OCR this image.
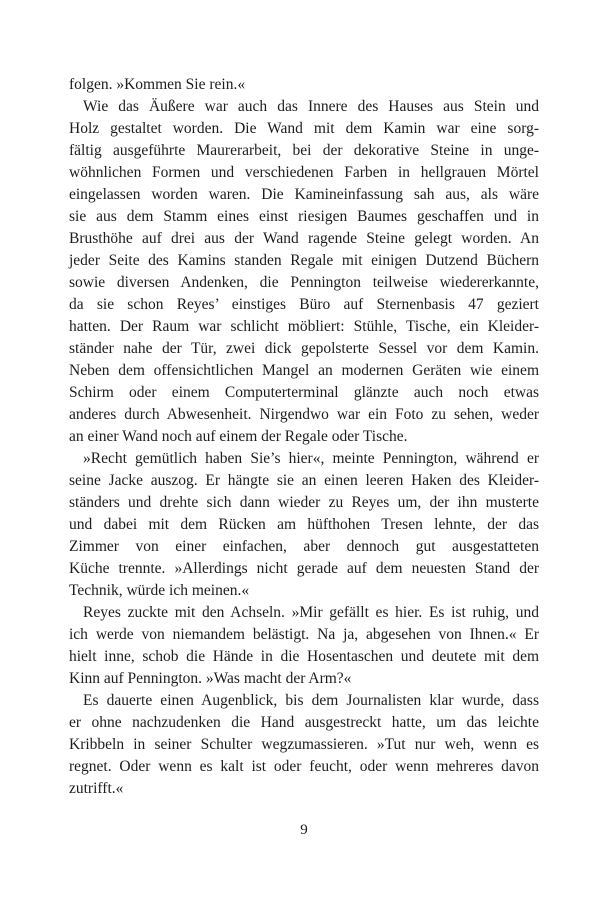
folgen. »Kommen Sie rein.«
Wie das Äußere war auch das Innere des Hauses aus Stein und
Holz gestaltet worden. Die Wand mit dem Kamin war eine sorg-
fältig ausgeführte Maurerarbeit, bei der dekorative Steine in unge-
wöhnlichen Formen und verschiedenen Farben in hellgrauen Mörtel
eingelassen worden waren. Die Kamineinfassung sah aus, als wäre
sie aus dem Stamm eines einst riesigen Baumes geschaffen und in
Brusthöhe auf drei aus der Wand ragende Steine gelegt worden. An
jeder Seite des Kamins standen Regale mit einigen Dutzend Büchern
sowie diversen Andenken, die Pennington teilweise wiedererkannte,
da sie schon Reyes’ einstiges Büro auf Sternenbasis 47 geziert
hatten. Der Raum war schlicht möbliert: Stühle, Tische, ein Kleider-
ständer nahe der Tür, zwei dick gepolsterte Sessel vor dem Kamin.
Neben dem offensichtlichen Mangel an modernen Geräten wie einem
Schirm oder einem Computerterminal glänzte auch noch etwas
anderes durch Abwesenheit. Nirgendwo war ein Foto zu sehen, weder
an einer Wand noch auf einem der Regale oder Tische.
»Recht gemütlich haben Sie’s hier«, meinte Pennington, während er
seine Jacke auszog. Er hängte sie an einen leeren Haken des Kleider-
ständers und drehte sich dann wieder zu Reyes um, der ihn musterte
und dabei mit dem Rücken am hüfthohen Tresen lehnte, der das
Zimmer von einer einfachen, aber dennoch gut ausgestatteten
Küche trennte. »Allerdings nicht gerade auf dem neuesten Stand der
Technik, würde ich meinen.«
Reyes zuckte mit den Achseln. »Mir gefällt es hier. Es ist ruhig, und
ich werde von niemandem belästigt. Na ja, abgesehen von Ihnen.« Er
hielt inne, schob die Hände in die Hosentaschen und deutete mit dem
Kinn auf Pennington. »Was macht der Arm?«
Es dauerte einen Augenblick, bis dem Journalisten klar wurde, dass
er ohne nachzudenken die Hand ausgestreckt hatte, um das leichte
Kribbeln in seiner Schulter wegzumassieren. »Tut nur weh, wenn es
regnet. Oder wenn es kalt ist oder feucht, oder wenn mehreres davon
zutrifft.«
9
